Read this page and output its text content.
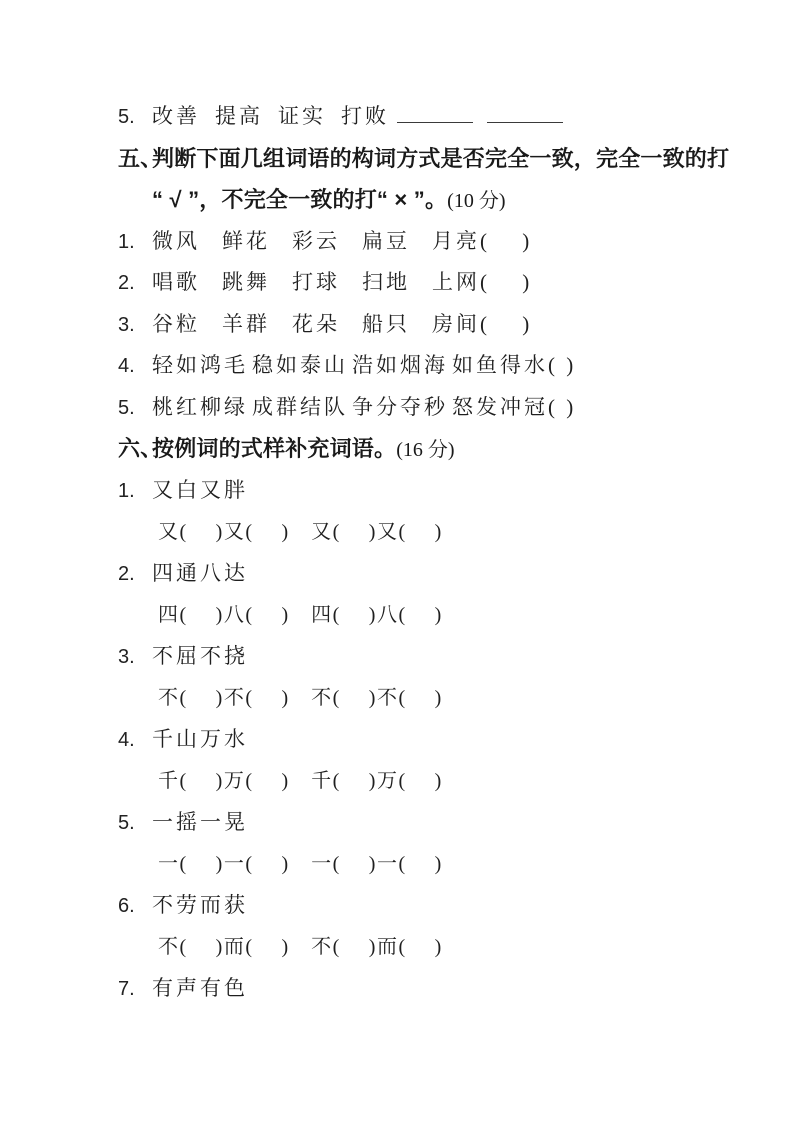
5. 改善 提高 证实 打败
五、判断下面几组词语的构词方式是否完全一致，完全一致的打
“ √ ”，不完全一致的打“ × ”。(10 分)
1. 微风 鲜花 彩云 扁豆 月亮(　 )
2. 唱歌 跳舞 打球 扫地 上网(　 )
3. 谷粒 羊群 花朵 船只 房间(　 )
4. 轻如鸿毛 稳如泰山 浩如烟海 如鱼得水( )
5. 桃红柳绿 成群结队 争分夺秒 怒发冲冠( )
六、按例词的式样补充词语。(16 分)
1. 又白又胖
又(　 )又(　 )　又(　 )又(　 )
2. 四通八达
四(　 )八(　 )　四(　 )八(　 )
3. 不屈不挠
不(　 )不(　 )　不(　 )不(　 )
4. 千山万水
千(　 )万(　 )　千(　 )万(　 )
5. 一摇一晃
一(　 )一(　 )　一(　 )一(　 )
6. 不劳而获
不(　 )而(　 )　不(　 )而(　 )
7. 有声有色
